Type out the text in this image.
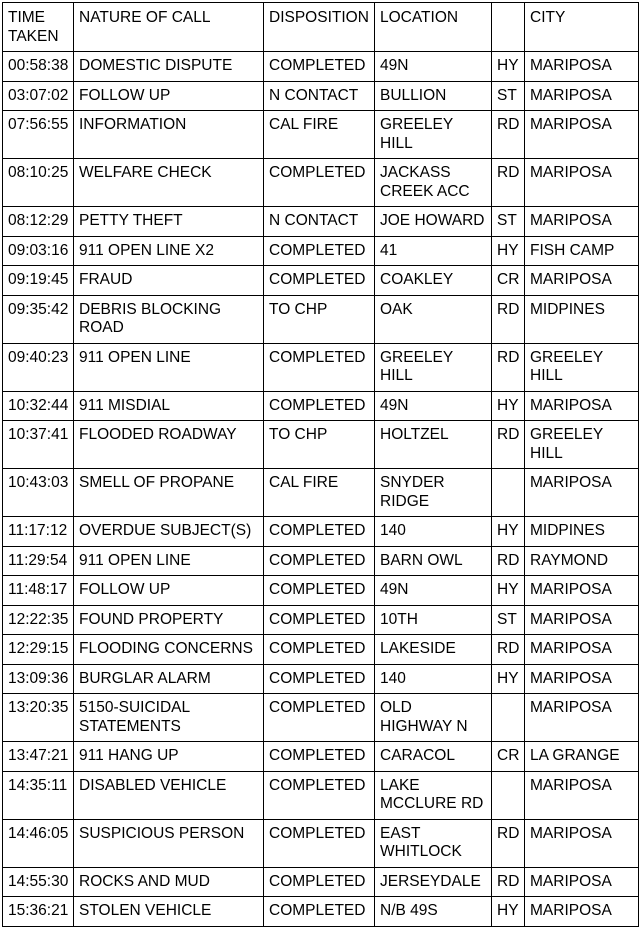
TIME
TAKEN	NATURE OF CALL	DISPOSITION	LOCATION		CITY
00:58:38	DOMESTIC DISPUTE	COMPLETED	49N	HY	MARIPOSA
03:07:02	FOLLOW UP	N CONTACT	BULLION	ST	MARIPOSA
07:56:55	INFORMATION	CAL FIRE	GREELEY HILL	RD	MARIPOSA
08:10:25	WELFARE CHECK	COMPLETED	JACKASS CREEK ACC	RD	MARIPOSA
08:12:29	PETTY THEFT	N CONTACT	JOE HOWARD	ST	MARIPOSA
09:03:16	911 OPEN LINE X2	COMPLETED	41	HY	FISH CAMP
09:19:45	FRAUD	COMPLETED	COAKLEY	CR	MARIPOSA
09:35:42	DEBRIS BLOCKING ROAD	TO CHP	OAK	RD	MIDPINES
09:40:23	911 OPEN LINE	COMPLETED	GREELEY HILL	RD	GREELEY HILL
10:32:44	911 MISDIAL	COMPLETED	49N	HY	MARIPOSA
10:37:41	FLOODED ROADWAY	TO CHP	HOLTZEL	RD	GREELEY HILL
10:43:03	SMELL OF PROPANE	CAL FIRE	SNYDER RIDGE		MARIPOSA
11:17:12	OVERDUE SUBJECT(S)	COMPLETED	140	HY	MIDPINES
11:29:54	911 OPEN LINE	COMPLETED	BARN OWL	RD	RAYMOND
11:48:17	FOLLOW UP	COMPLETED	49N	HY	MARIPOSA
12:22:35	FOUND PROPERTY	COMPLETED	10TH	ST	MARIPOSA
12:29:15	FLOODING CONCERNS	COMPLETED	LAKESIDE	RD	MARIPOSA
13:09:36	BURGLAR ALARM	COMPLETED	140	HY	MARIPOSA
13:20:35	5150-SUICIDAL STATEMENTS	COMPLETED	OLD HIGHWAY N		MARIPOSA
13:47:21	911 HANG UP	COMPLETED	CARACOL	CR	LA GRANGE
14:35:11	DISABLED VEHICLE	COMPLETED	LAKE MCCLURE RD		MARIPOSA
14:46:05	SUSPICIOUS PERSON	COMPLETED	EAST WHITLOCK	RD	MARIPOSA
14:55:30	ROCKS AND MUD	COMPLETED	JERSEYDALE	RD	MARIPOSA
15:36:21	STOLEN VEHICLE	COMPLETED	N/B 49S	HY	MARIPOSA
